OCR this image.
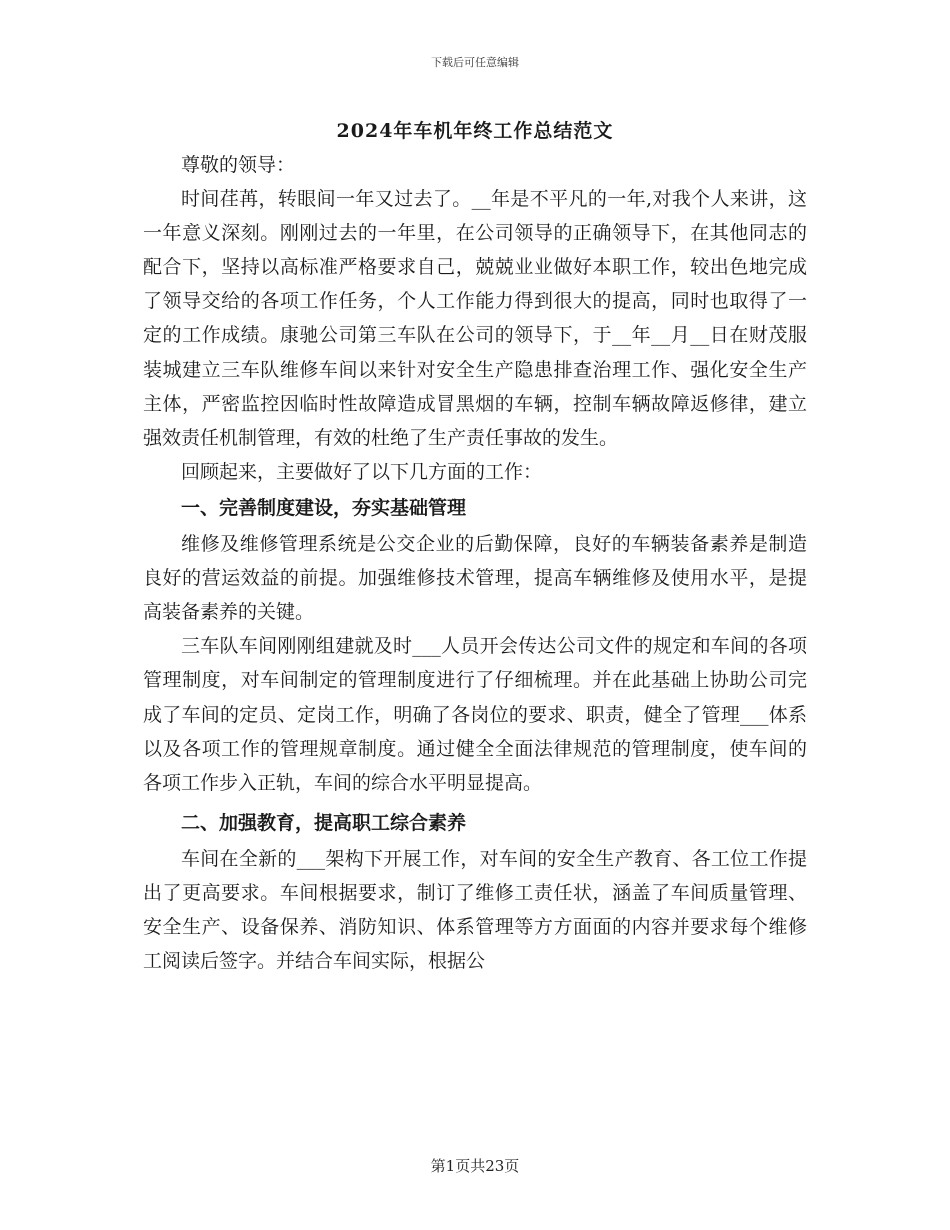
下载后可任意编辑
2024年车机年终工作总结范文

尊敬的领导：

时间荏苒，转眼间一年又过去了。__年是不平凡的一年,对我个人来讲，这一年意义深刻。刚刚过去的一年里，在公司领导的正确领导下，在其他同志的配合下，坚持以高标准严格要求自己，兢兢业业做好本职工作，较出色地完成了领导交给的各项工作任务，个人工作能力得到很大的提高，同时也取得了一定的工作成绩。康驰公司第三车队在公司的领导下，于__年__月__日在财茂服装城建立三车队维修车间以来针对安全生产隐患排查治理工作、强化安全生产主体，严密监控因临时性故障造成冒黑烟的车辆，控制车辆故障返修律，建立强效责任机制管理，有效的杜绝了生产责任事故的发生。

回顾起来，主要做好了以下几方面的工作：

一、完善制度建设，夯实基础管理

维修及维修管理系统是公交企业的后勤保障，良好的车辆装备素养是制造良好的营运效益的前提。加强维修技术管理，提高车辆维修及使用水平，是提高装备素养的关键。

三车队车间刚刚组建就及时___人员开会传达公司文件的规定和车间的各项管理制度，对车间制定的管理制度进行了仔细梳理。并在此基础上协助公司完成了车间的定员、定岗工作，明确了各岗位的要求、职责，健全了管理___体系以及各项工作的管理规章制度。通过健全全面法律规范的管理制度，使车间的各项工作步入正轨，车间的综合水平明显提高。

二、加强教育，提高职工综合素养

车间在全新的___架构下开展工作，对车间的安全生产教育、各工位工作提出了更高要求。车间根据要求，制订了维修工责任状，涵盖了车间质量管理、安全生产、设备保养、消防知识、体系管理等方方面面的内容并要求每个维修工阅读后签字。并结合车间实际，根据公

第1页共23页
